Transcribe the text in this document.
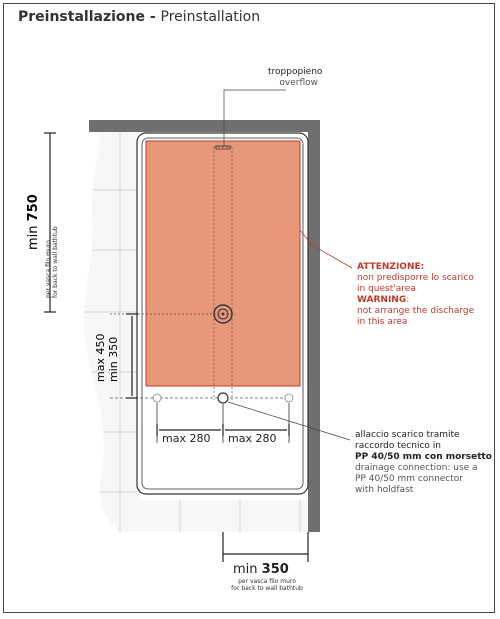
Preinstallazione - Preinstallation
troppopieno
overflow
ATTENZIONE:
non predisporre lo scarico
in quest'area
WARNING:
not arrange the discharge
in this area
allaccio scarico tramite
raccordo tecnico in
PP 40/50 mm con morsetto
drainage connection: use a
PP 40/50 mm connector
with holdfast
max 280 max 280
min 750
per vasca filo muro for back to wall bathtub
min 350
max 450
min 350
per vasca filo muro
for back to wall bathtub
